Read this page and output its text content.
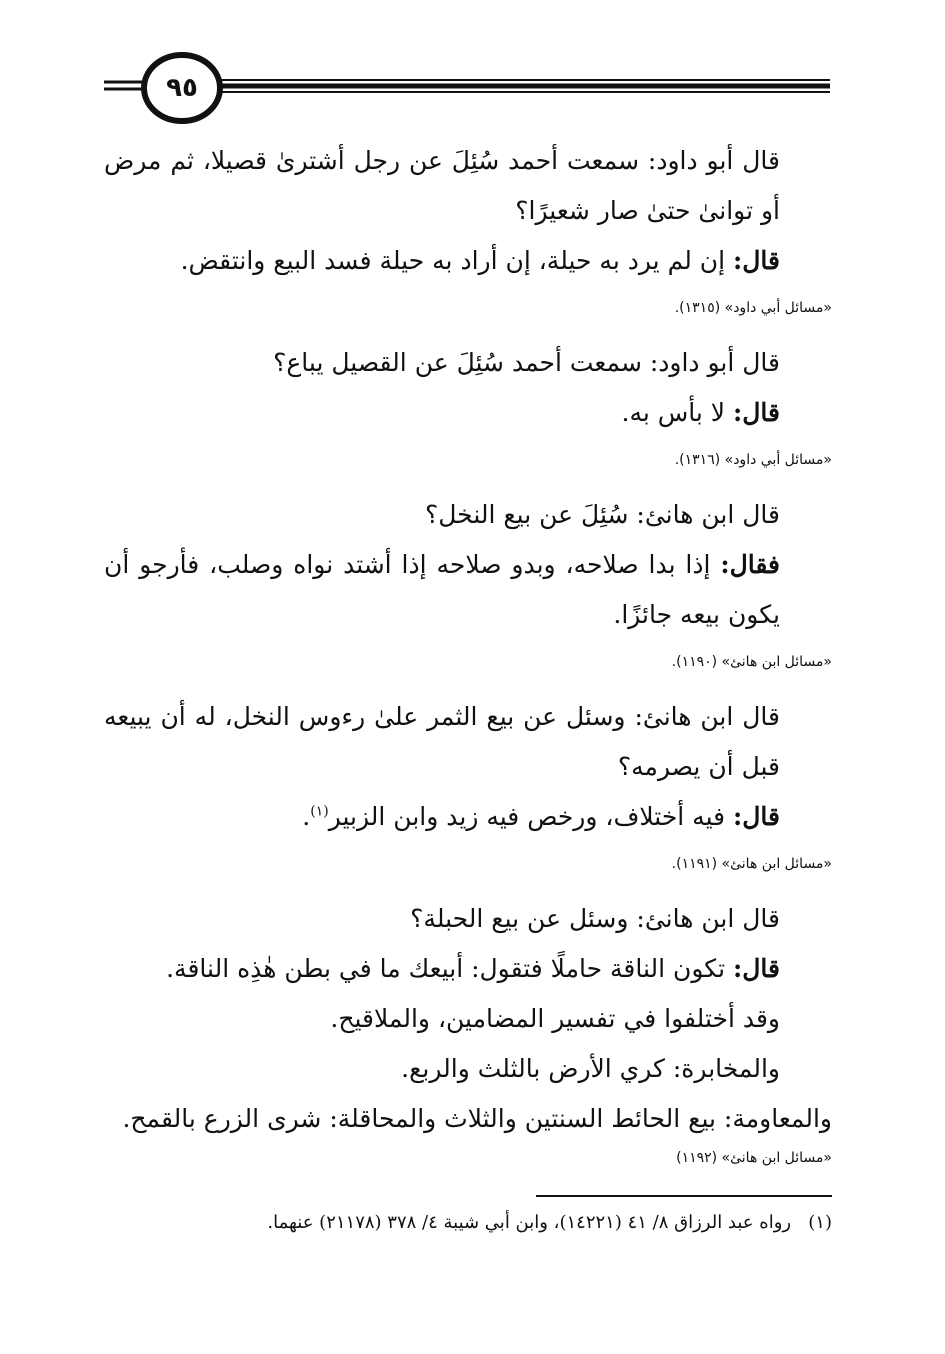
٩٥

قال أبو داود: سمعت أحمد سُئِلَ عن رجل أشترىٰ قصيلا، ثم مرض أو توانىٰ حتىٰ صار شعيرًا؟

قال: إن لم يرد به حيلة، إن أراد به حيلة فسد البيع وانتقض.

«مسائل أبي داود» (١٣١٥).

قال أبو داود: سمعت أحمد سُئِلَ عن القصيل يباع؟

قال: لا بأس به.

«مسائل أبي داود» (١٣١٦).

قال ابن هانئ: سُئِلَ عن بيع النخل؟

فقال: إذا بدا صلاحه، وبدو صلاحه إذا أشتد نواه وصلب، فأرجو أن يكون بيعه جائزًا.

«مسائل ابن هانئ» (١١٩٠).

قال ابن هانئ: وسئل عن بيع الثمر علىٰ رءوس النخل، له أن يبيعه قبل أن يصرمه؟

قال: فيه أختلاف، ورخص فيه زيد وابن الزبير$^{(١)}$.

«مسائل ابن هانئ» (١١٩١).

قال ابن هانئ: وسئل عن بيع الحبلة؟

قال: تكون الناقة حاملًا فتقول: أبيعك ما في بطن هٰذِه الناقة.

وقد أختلفوا في تفسير المضامين، والملاقيح.

والمخابرة: كري الأرض بالثلث والربع.

والمعاومة: بيع الحائط السنتين والثلاث والمحاقلة: شرى الزرع بالقمح.

«مسائل ابن هانئ» (١١٩٢)
(١)   رواه عبد الرزاق ٨/ ٤١ (١٤٢٢١)، وابن أبي شيبة ٤/ ٣٧٨ (٢١١٧٨) عنهما.
